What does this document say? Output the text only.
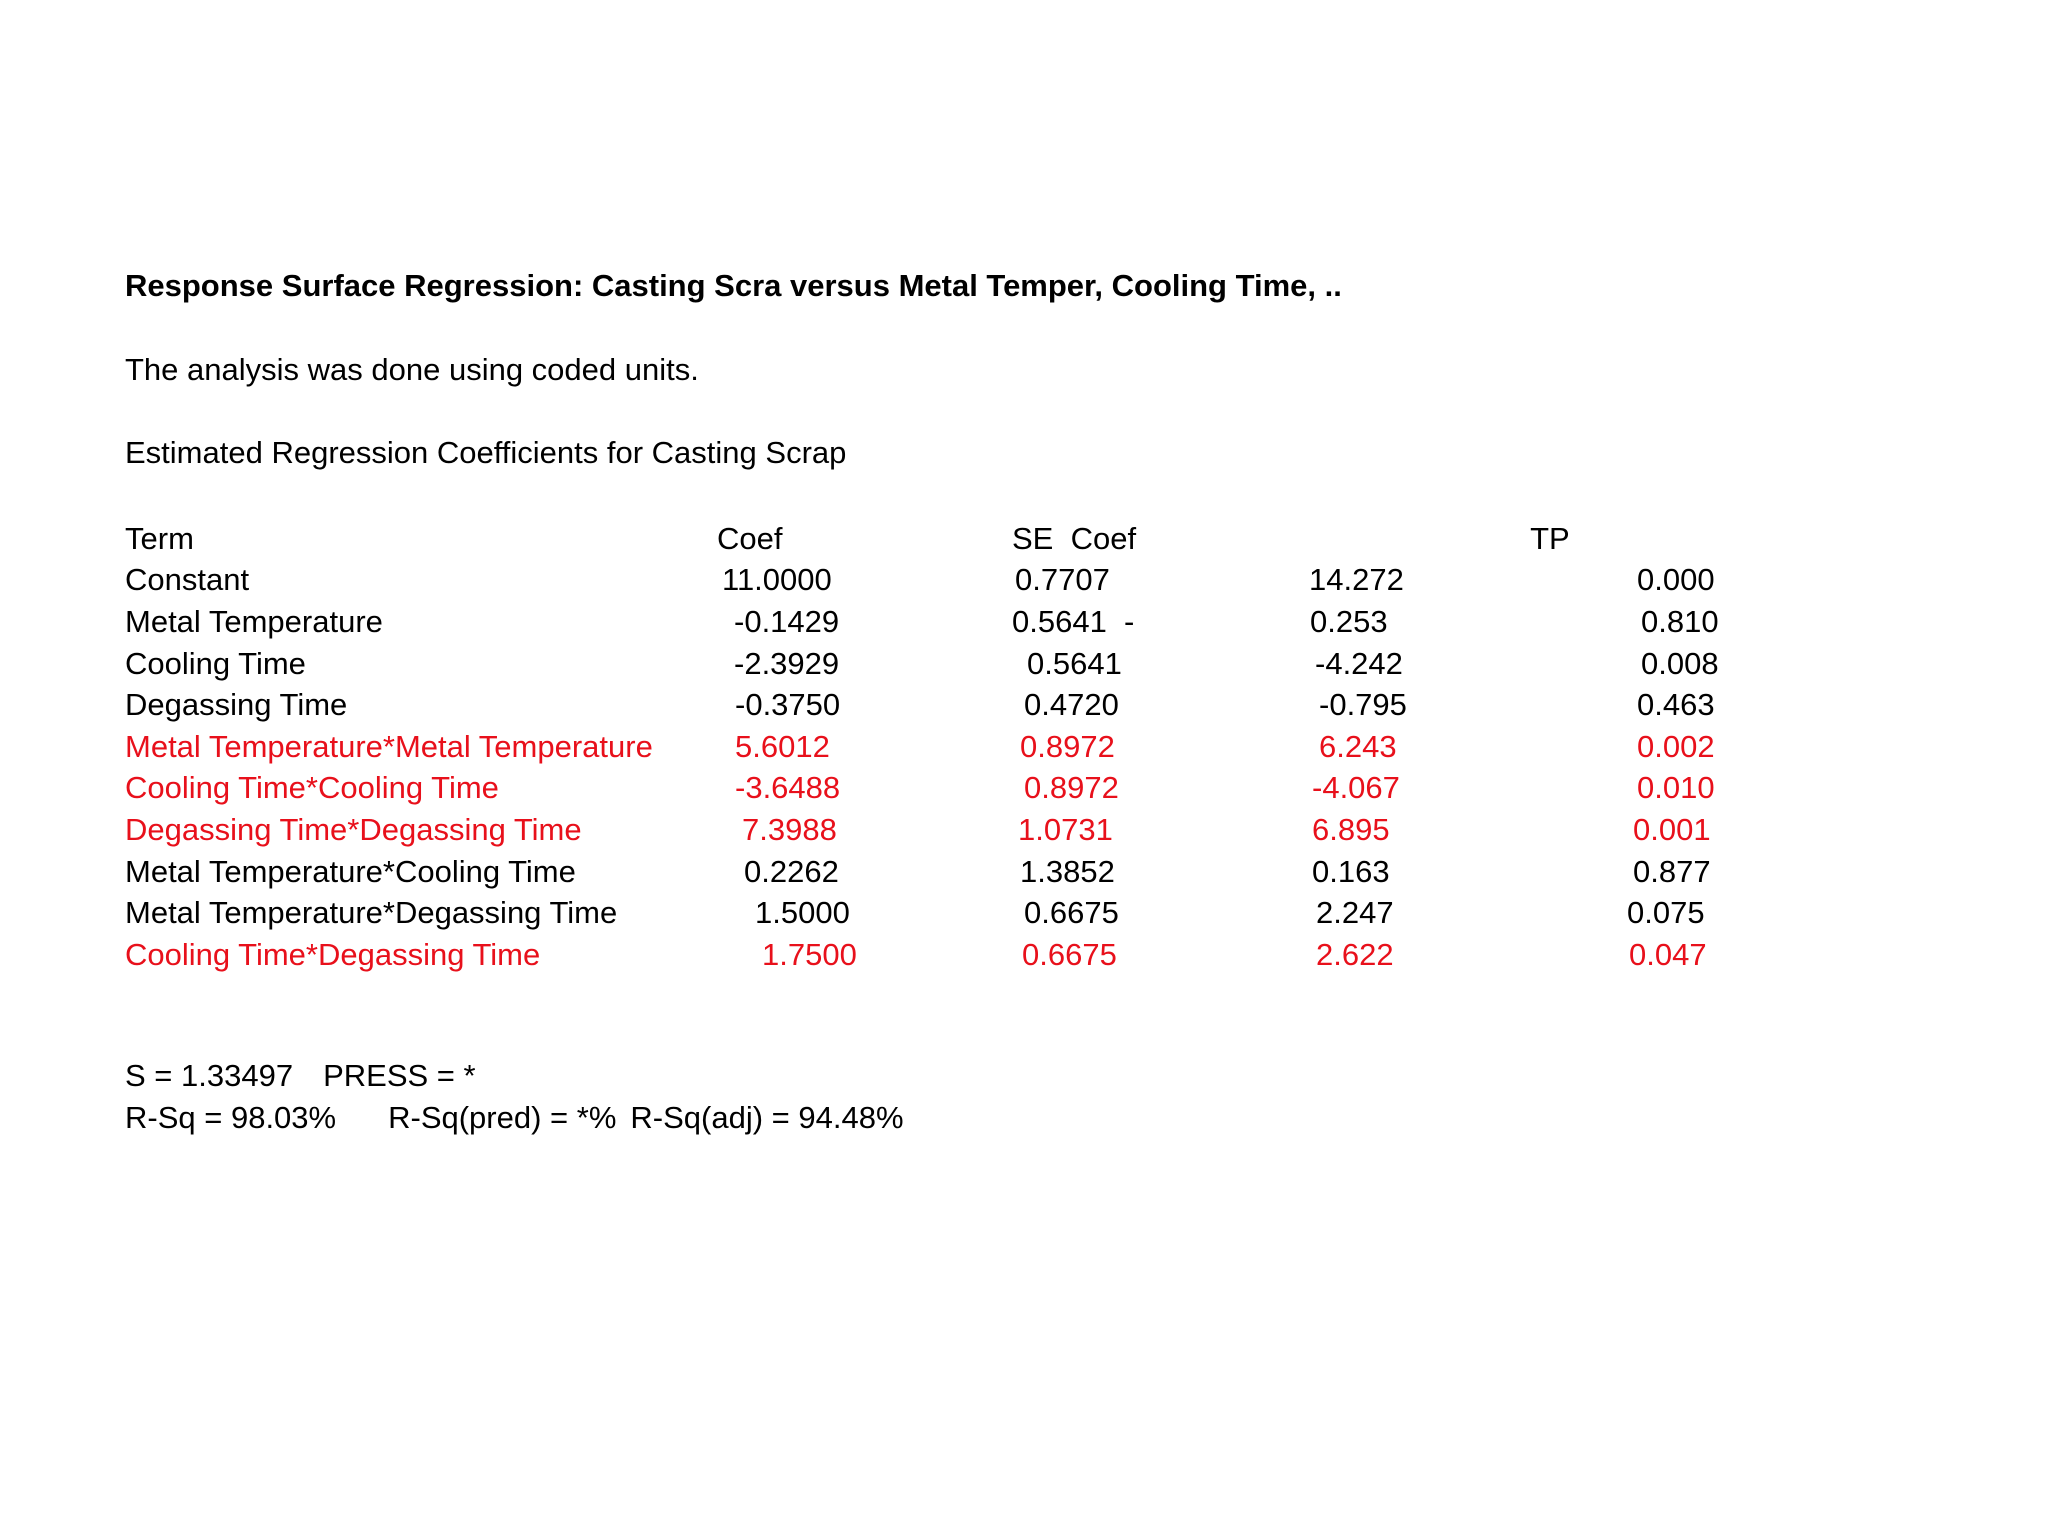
Response Surface Regression: Casting Scra versus Metal Temper, Cooling Time, ..
The analysis was done using coded units.
Estimated Regression Coefficients for Casting Scrap
Term	Coef	SE  Coef	T	P
Constant	11.0000	0.7707	14.272	0.000
Metal Temperature	-0.1429	0.5641  -	0.253	0.810
Cooling Time	-2.3929	0.5641	-4.242	0.008
Degassing Time	-0.3750	0.4720	-0.795	0.463
Metal Temperature*Metal Temperature	5.6012	0.8972	6.243	0.002
Cooling Time*Cooling Time	-3.6488	0.8972	-4.067	0.010
Degassing Time*Degassing Time	7.3988	1.0731	6.895	0.001
Metal Temperature*Cooling Time	0.2262	1.3852	0.163	0.877
Metal Temperature*Degassing Time	1.5000	0.6675	2.247	0.075
Cooling Time*Degassing Time	1.7500	0.6675	2.622	0.047
S = 1.33497 PRESS = *
R-Sq = 98.03% R-Sq(pred) = *% R-Sq(adj) = 94.48%
